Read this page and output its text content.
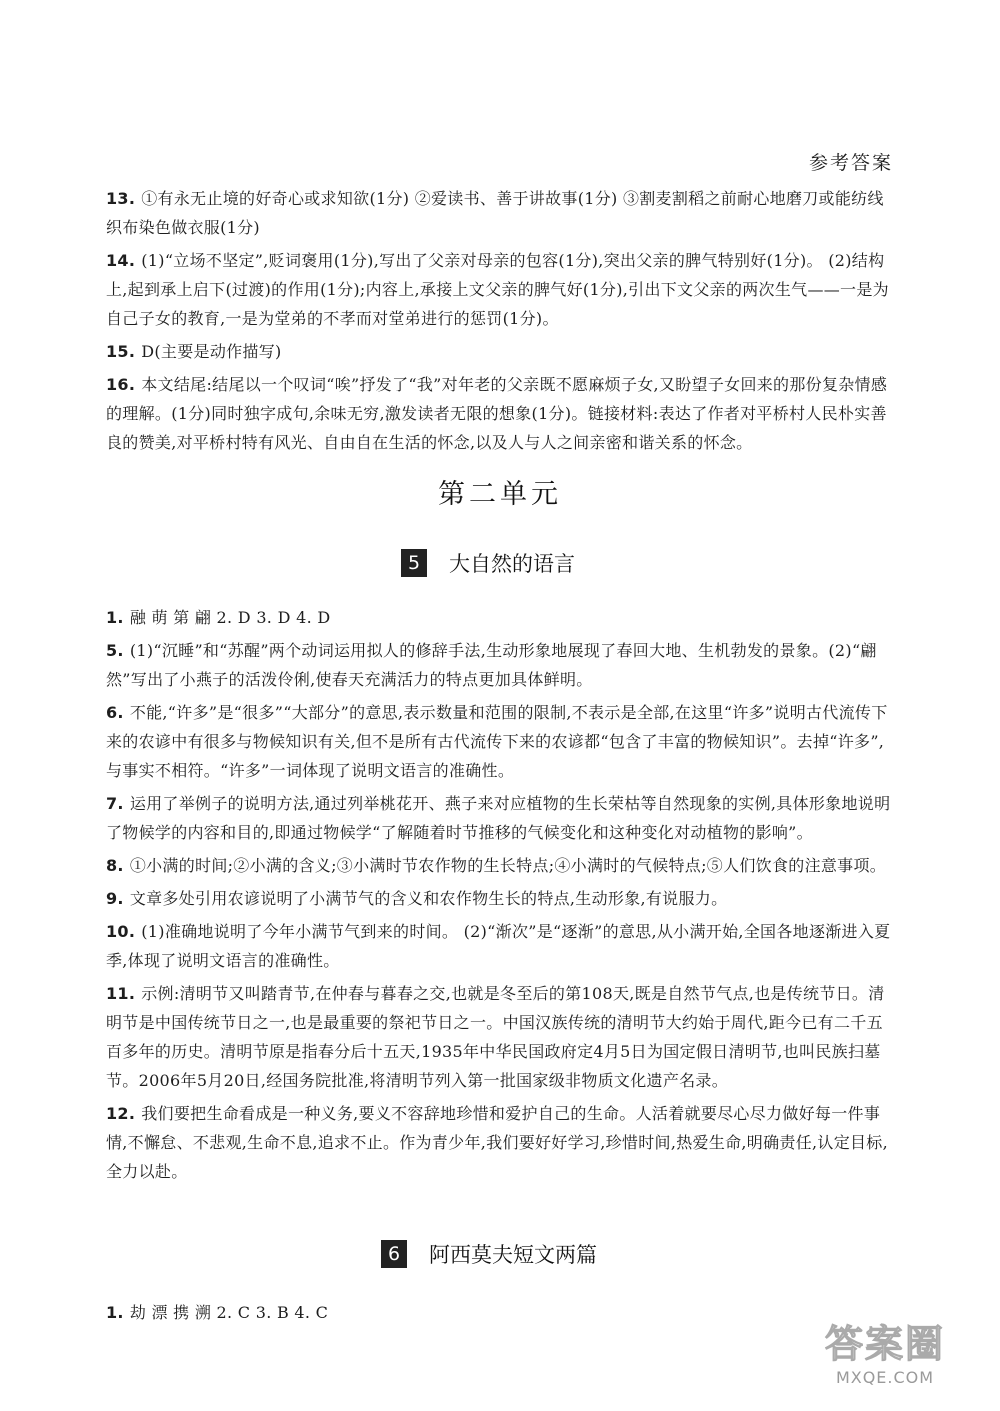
参考答案

13. ①有永无止境的好奇心或求知欲(1分) ②爱读书、善于讲故事(1分) ③割麦割稻之前耐心地磨刀或能纺线织布染色做衣服(1分)

14. (1)“立场不坚定”,贬词褒用(1分),写出了父亲对母亲的包容(1分),突出父亲的脾气特别好(1分)。 (2)结构上,起到承上启下(过渡)的作用(1分);内容上,承接上文父亲的脾气好(1分),引出下文父亲的两次生气——一是为自己子女的教育,一是为堂弟的不孝而对堂弟进行的惩罚(1分)。

15. D(主要是动作描写)

16. 本文结尾:结尾以一个叹词“唉”抒发了“我”对年老的父亲既不愿麻烦子女,又盼望子女回来的那份复杂情感的理解。(1分)同时独字成句,余味无穷,激发读者无限的想象(1分)。链接材料:表达了作者对平桥村人民朴实善良的赞美,对平桥村特有风光、自由自在生活的怀念,以及人与人之间亲密和谐关系的怀念。

第二单元
5	大自然的语言

1. 融 萌 第 翩 2. D 3. D 4. D

5. (1)“沉睡”和“苏醒”两个动词运用拟人的修辞手法,生动形象地展现了春回大地、生机勃发的景象。(2)“翩然”写出了小燕子的活泼伶俐,使春天充满活力的特点更加具体鲜明。

6. 不能,“许多”是“很多”“大部分”的意思,表示数量和范围的限制,不表示是全部,在这里“许多”说明古代流传下来的农谚中有很多与物候知识有关,但不是所有古代流传下来的农谚都“包含了丰富的物候知识”。去掉“许多”,与事实不相符。“许多”一词体现了说明文语言的准确性。

7. 运用了举例子的说明方法,通过列举桃花开、燕子来对应植物的生长荣枯等自然现象的实例,具体形象地说明了物候学的内容和目的,即通过物候学“了解随着时节推移的气候变化和这种变化对动植物的影响”。

8. ①小满的时间;②小满的含义;③小满时节农作物的生长特点;④小满时的气候特点;⑤人们饮食的注意事项。

9. 文章多处引用农谚说明了小满节气的含义和农作物生长的特点,生动形象,有说服力。

10. (1)准确地说明了今年小满节气到来的时间。 (2)“渐次”是“逐渐”的意思,从小满开始,全国各地逐渐进入夏季,体现了说明文语言的准确性。

11. 示例:清明节又叫踏青节,在仲春与暮春之交,也就是冬至后的第108天,既是自然节气点,也是传统节日。清明节是中国传统节日之一,也是最重要的祭祀节日之一。中国汉族传统的清明节大约始于周代,距今已有二千五百多年的历史。清明节原是指春分后十五天,1935年中华民国政府定4月5日为国定假日清明节,也叫民族扫墓节。2006年5月20日,经国务院批准,将清明节列入第一批国家级非物质文化遗产名录。

12. 我们要把生命看成是一种义务,要义不容辞地珍惜和爱护自己的生命。人活着就要尽心尽力做好每一件事情,不懈怠、不悲观,生命不息,追求不止。作为青少年,我们要好好学习,珍惜时间,热爱生命,明确责任,认定目标,全力以赴。

6	阿西莫夫短文两篇

1. 劫 漂 携 溯 2. C 3. B 4. C

答案圈
MXQE.COM
